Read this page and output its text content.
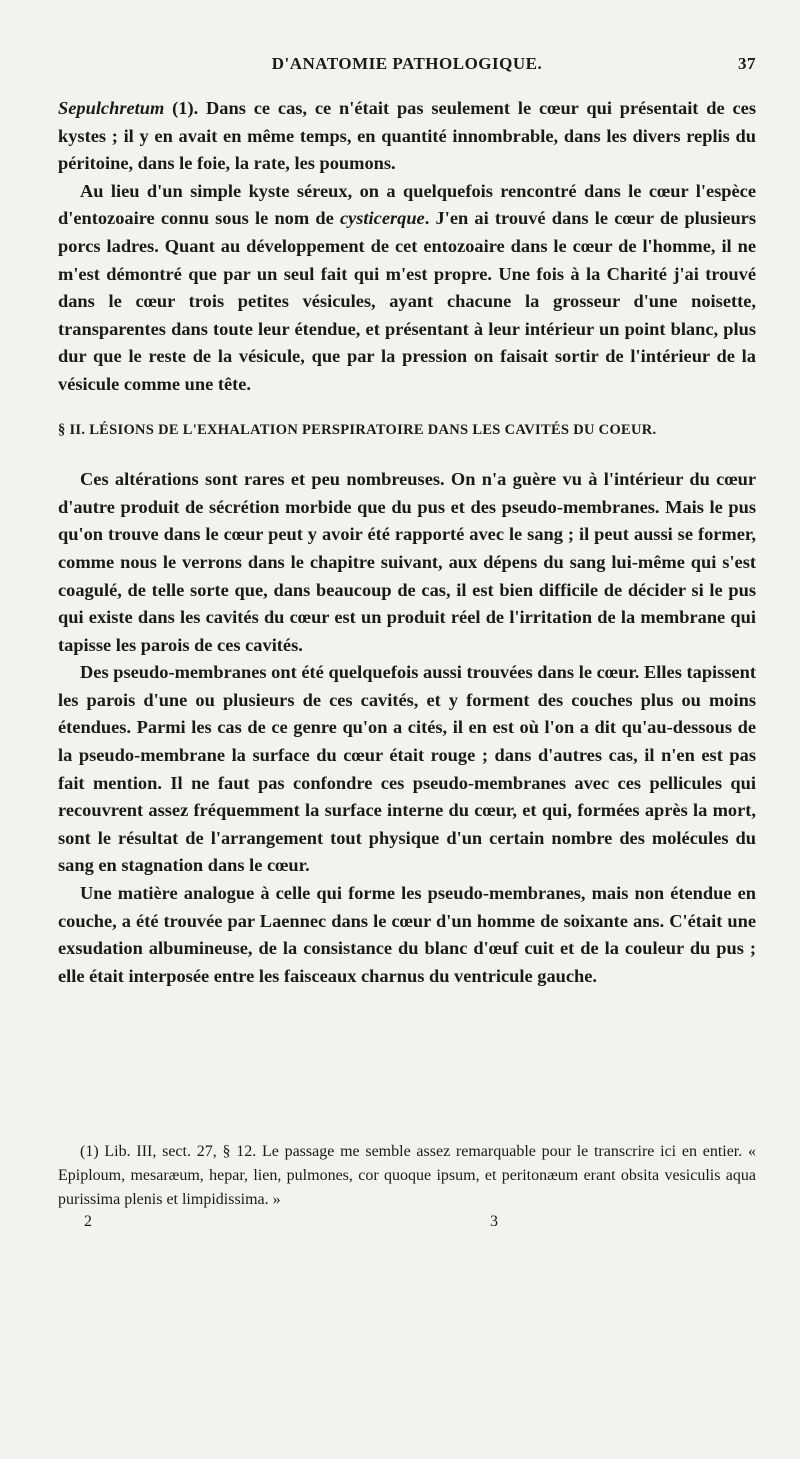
D'ANATOMIE PATHOLOGIQUE.	37

Sepulchretum (1). Dans ce cas, ce n'était pas seulement le cœur qui présentait de ces kystes ; il y en avait en même temps, en quantité innombrable, dans les divers replis du péritoine, dans le foie, la rate, les poumons.

Au lieu d'un simple kyste séreux, on a quelquefois rencontré dans le cœur l'espèce d'entozoaire connu sous le nom de cysticerque. J'en ai trouvé dans le cœur de plusieurs porcs ladres. Quant au développement de cet entozoaire dans le cœur de l'homme, il ne m'est démontré que par un seul fait qui m'est propre. Une fois à la Charité j'ai trouvé dans le cœur trois petites vésicules, ayant chacune la grosseur d'une noisette, transparentes dans toute leur étendue, et présentant à leur intérieur un point blanc, plus dur que le reste de la vésicule, que par la pression on faisait sortir de l'intérieur de la vésicule comme une tête.

§ II. LÉSIONS DE L'EXHALATION PERSPIRATOIRE DANS LES CAVITÉS DU COEUR.

Ces altérations sont rares et peu nombreuses. On n'a guère vu à l'intérieur du cœur d'autre produit de sécrétion morbide que du pus et des pseudo-membranes. Mais le pus qu'on trouve dans le cœur peut y avoir été rapporté avec le sang ; il peut aussi se former, comme nous le verrons dans le chapitre suivant, aux dépens du sang lui-même qui s'est coagulé, de telle sorte que, dans beaucoup de cas, il est bien difficile de décider si le pus qui existe dans les cavités du cœur est un produit réel de l'irritation de la membrane qui tapisse les parois de ces cavités.

Des pseudo-membranes ont été quelquefois aussi trouvées dans le cœur. Elles tapissent les parois d'une ou plusieurs de ces cavités, et y forment des couches plus ou moins étendues. Parmi les cas de ce genre qu'on a cités, il en est où l'on a dit qu'au-dessous de la pseudo-membrane la surface du cœur était rouge ; dans d'autres cas, il n'en est pas fait mention. Il ne faut pas confondre ces pseudo-membranes avec ces pellicules qui recouvrent assez fréquemment la surface interne du cœur, et qui, formées après la mort, sont le résultat de l'arrangement tout physique d'un certain nombre des molécules du sang en stagnation dans le cœur.

Une matière analogue à celle qui forme les pseudo-membranes, mais non étendue en couche, a été trouvée par Laennec dans le cœur d'un homme de soixante ans. C'était une exsudation albumineuse, de la consistance du blanc d'œuf cuit et de la couleur du pus ; elle était interposée entre les faisceaux charnus du ventricule gauche.

(1) Lib. III, sect. 27, § 12. Le passage me semble assez remarquable pour le transcrire ici en entier. « Epiploum, mesaræum, hepar, lien, pulmones, cor quoque ipsum, et peritonæum erant obsita vesiculis aqua purissima plenis et limpidissima. »

2	3
